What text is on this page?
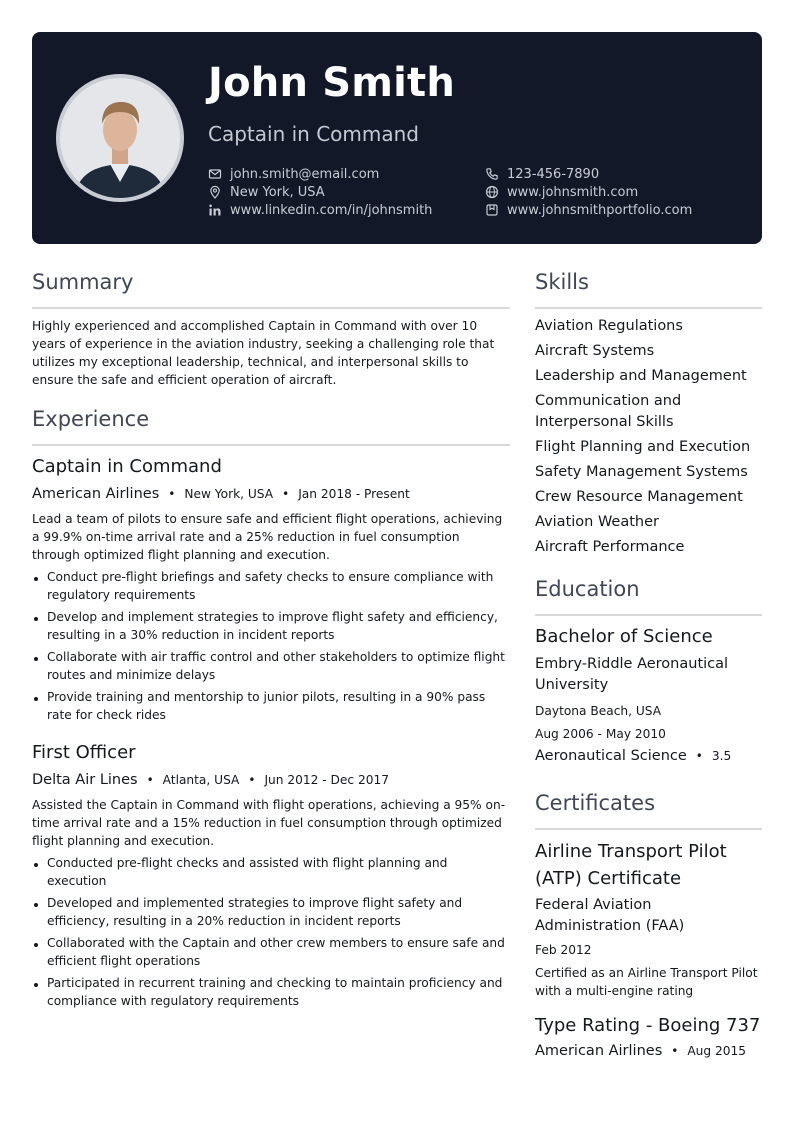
John Smith
Captain in Command
john.smith@email.com
New York, USA
www.linkedin.com/in/johnsmith
123-456-7890
www.johnsmith.com
www.johnsmithportfolio.com
Summary
Highly experienced and accomplished Captain in Command with over 10 years of experience in the aviation industry, seeking a challenging role that utilizes my exceptional leadership, technical, and interpersonal skills to ensure the safe and efficient operation of aircraft.
Experience
Captain in Command
American Airlines • New York, USA • Jan 2018 - Present
Lead a team of pilots to ensure safe and efficient flight operations, achieving a 99.9% on-time arrival rate and a 25% reduction in fuel consumption through optimized flight planning and execution.
Conduct pre-flight briefings and safety checks to ensure compliance with regulatory requirements
Develop and implement strategies to improve flight safety and efficiency, resulting in a 30% reduction in incident reports
Collaborate with air traffic control and other stakeholders to optimize flight routes and minimize delays
Provide training and mentorship to junior pilots, resulting in a 90% pass rate for check rides
First Officer
Delta Air Lines • Atlanta, USA • Jun 2012 - Dec 2017
Assisted the Captain in Command with flight operations, achieving a 95% on-time arrival rate and a 15% reduction in fuel consumption through optimized flight planning and execution.
Conducted pre-flight checks and assisted with flight planning and execution
Developed and implemented strategies to improve flight safety and efficiency, resulting in a 20% reduction in incident reports
Collaborated with the Captain and other crew members to ensure safe and efficient flight operations
Participated in recurrent training and checking to maintain proficiency and compliance with regulatory requirements
Skills
Aviation Regulations
Aircraft Systems
Leadership and Management
Communication and Interpersonal Skills
Flight Planning and Execution
Safety Management Systems
Crew Resource Management
Aviation Weather
Aircraft Performance
Education
Bachelor of Science
Embry-Riddle Aeronautical University
Daytona Beach, USA
Aug 2006 - May 2010
Aeronautical Science • 3.5
Certificates
Airline Transport Pilot (ATP) Certificate
Federal Aviation Administration (FAA)
Feb 2012
Certified as an Airline Transport Pilot with a multi-engine rating
Type Rating - Boeing 737
American Airlines • Aug 2015
